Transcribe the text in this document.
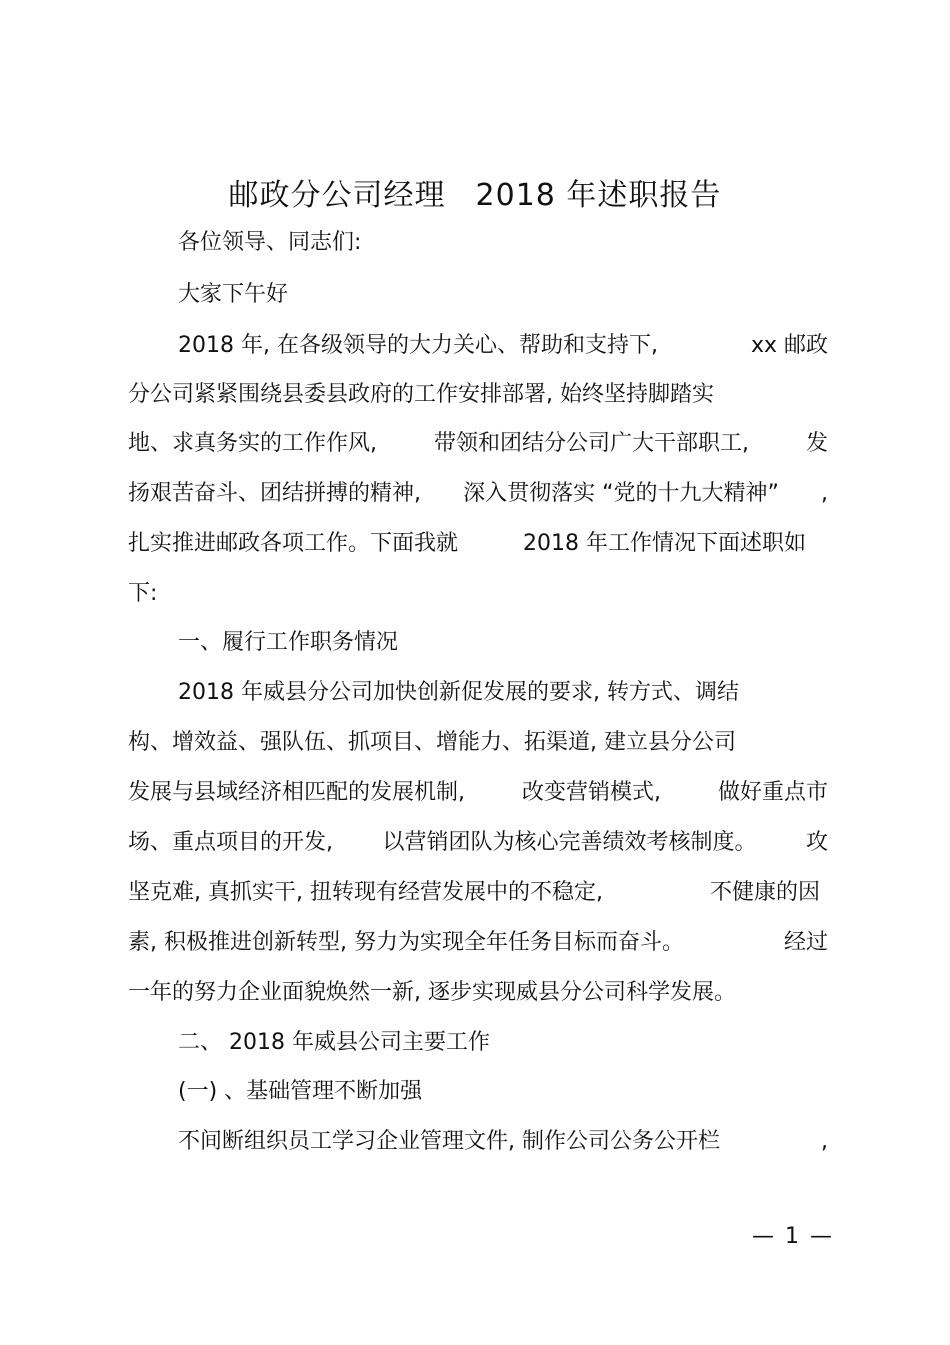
邮政分公司经理 2018 年述职报告
各位领导、同志们:
大家下午好
2018 年, 在各级领导的大力关心、帮助和支持下,	xx 邮政
分公司紧紧围绕县委县政府的工作安排部署, 始终坚持脚踏实
地、求真务实的工作作风,	带领和团结分公司广大干部职工,	发
扬艰苦奋斗、团结拼搏的精神, 深入贯彻落实 “党的十九大精神” ,
扎实推进邮政各项工作。下面我就	2018 年工作情况下面述职如
下:
一、履行工作职务情况
2018 年威县分公司加快创新促发展的要求, 转方式、调结
构、增效益、强队伍、抓项目、增能力、拓渠道, 建立县分公司
发展与县域经济相匹配的发展机制,	改变营销模式,	做好重点市
场、重点项目的开发, 以营销团队为核心完善绩效考核制度。 攻
坚克难, 真抓实干, 扭转现有经营发展中的不稳定,	不健康的因
素, 积极推进创新转型, 努力为实现全年任务目标而奋斗。	经过
一年的努力企业面貌焕然一新, 逐步实现威县分公司科学发展。
二、 2018 年威县公司主要工作
(一) 、基础管理不断加强
不间断组织员工学习企业管理文件, 制作公司公务公开栏	,
— 1 —
